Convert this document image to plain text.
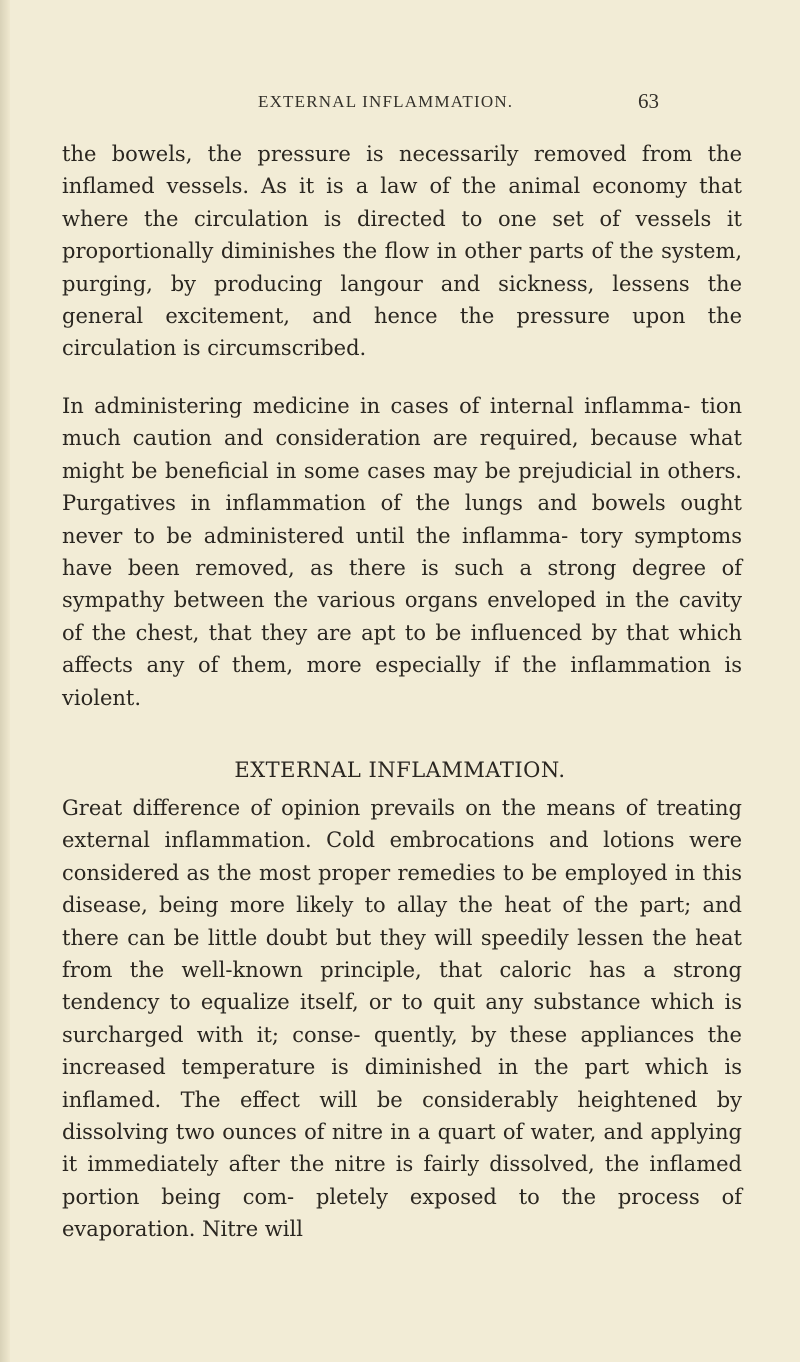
EXTERNAL INFLAMMATION.	63

the bowels, the pressure is necessarily removed from the inflamed vessels. As it is a law of the animal economy that where the circulation is directed to one set of vessels it proportionally diminishes the flow in other parts of the system, purging, by producing langour and sickness, lessens the general excitement, and hence the pressure upon the circulation is circumscribed.

In administering medicine in cases of internal inflamma- tion much caution and consideration are required, because what might be beneficial in some cases may be prejudicial in others. Purgatives in inflammation of the lungs and bowels ought never to be administered until the inflamma- tory symptoms have been removed, as there is such a strong degree of sympathy between the various organs enveloped in the cavity of the chest, that they are apt to be influenced by that which affects any of them, more especially if the inflammation is violent.

EXTERNAL INFLAMMATION.

Great difference of opinion prevails on the means of treating external inflammation. Cold embrocations and lotions were considered as the most proper remedies to be employed in this disease, being more likely to allay the heat of the part; and there can be little doubt but they will speedily lessen the heat from the well-known principle, that caloric has a strong tendency to equalize itself, or to quit any substance which is surcharged with it; conse- quently, by these appliances the increased temperature is diminished in the part which is inflamed. The effect will be considerably heightened by dissolving two ounces of nitre in a quart of water, and applying it immediately after the nitre is fairly dissolved, the inflamed portion being com- pletely exposed to the process of evaporation. Nitre will
